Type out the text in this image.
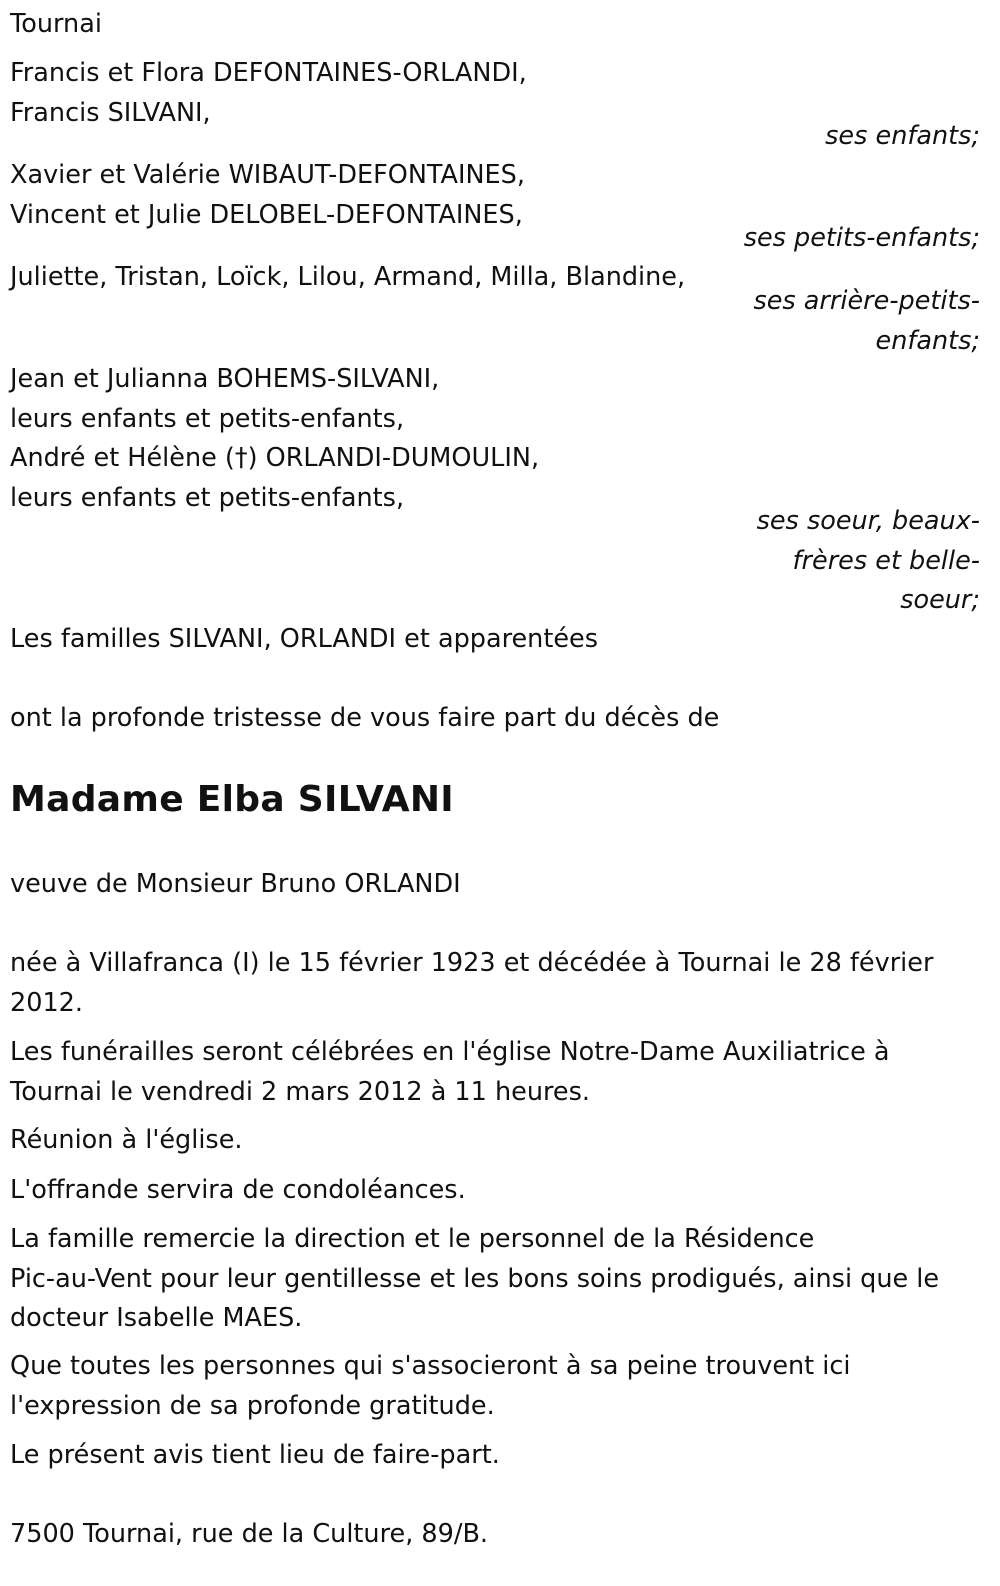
Tournai

Francis et Flora DEFONTAINES-ORLANDI,
Francis SILVANI,

ses enfants;

Xavier et Valérie WIBAUT-DEFONTAINES,
Vincent et Julie DELOBEL-DEFONTAINES,

ses petits-enfants;

Juliette, Tristan, Loïck, Lilou, Armand, Milla, Blandine,
ses arrière-petits-
enfants;
Jean et Julianna BOHEMS-SILVANI,
leurs enfants et petits-enfants,
André et Hélène (†) ORLANDI-DUMOULIN,
leurs enfants et petits-enfants,
ses soeur, beaux-
frères et belle-
soeur;

Les familles SILVANI, ORLANDI et apparentées

ont la profonde tristesse de vous faire part du décès de

Madame Elba SILVANI

veuve de Monsieur Bruno ORLANDI

née à Villafranca (I) le 15 février 1923 et décédée à Tournai le 28 février
2012.
Les funérailles seront célébrées en l'église Notre-Dame Auxiliatrice à
Tournai le vendredi 2 mars 2012 à 11 heures.

Réunion à l'église.

L'offrande servira de condoléances.

La famille remercie la direction et le personnel de la Résidence
Pic-au-Vent pour leur gentillesse et les bons soins prodigués, ainsi que le
docteur Isabelle MAES.
Que toutes les personnes qui s'associeront à sa peine trouvent ici
l'expression de sa profonde gratitude.

Le présent avis tient lieu de faire-part.

7500 Tournai, rue de la Culture, 89/B.
